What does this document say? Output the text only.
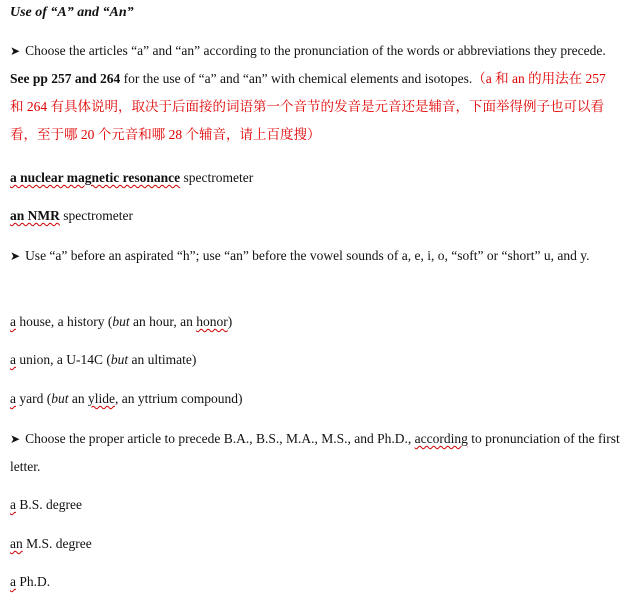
Use of “A” and “An”
➤ Choose the articles “a” and “an” according to the pronunciation of the words or abbreviations they precede. See pp 257 and 264 for the use of “a” and “an” with chemical elements and isotopes.（a 和 an 的用法在 257 和 264 有具体说明，取决于后面接的词语第一个音节的发音是元音还是辅音，下面举得例子也可以看看，至于哪 20 个元音和哪 28 个辅音，请上百度搜）
a nuclear magnetic resonance spectrometer
an NMR spectrometer
➤ Use “a” before an aspirated “h”; use “an” before the vowel sounds of a, e, i, o, “soft” or “short” u, and y.
a house, a history (but an hour, an honor)
a union, a U-14C (but an ultimate)
a yard (but an ylide, an yttrium compound)
➤ Choose the proper article to precede B.A., B.S., M.A., M.S., and Ph.D., according to pronunciation of the first letter.
a B.S. degree
an M.S. degree
a Ph.D.
